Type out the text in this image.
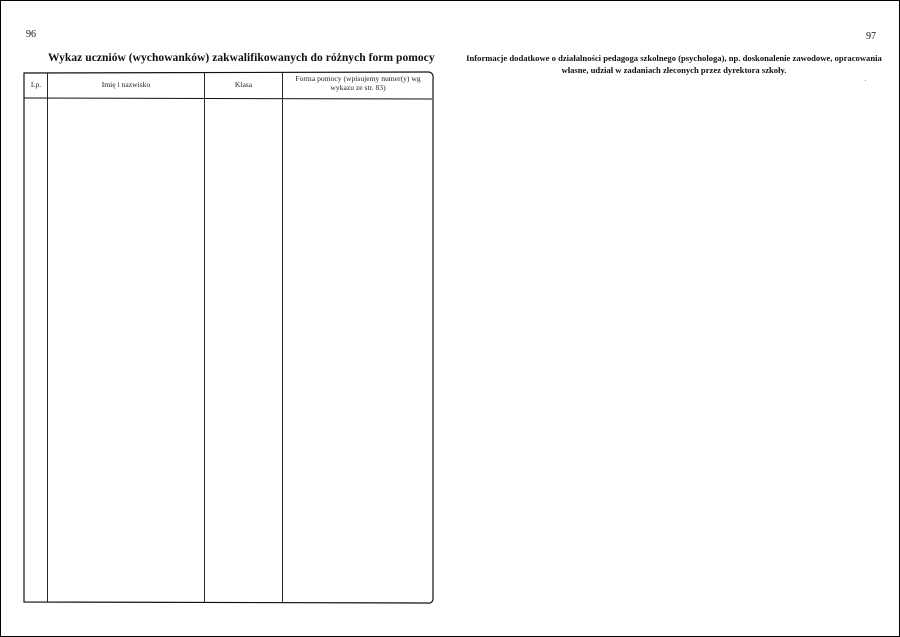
96
Wykaz uczniów (wychowanków) zakwalifikowanych do różnych form pomocy
Lp.	Imię i nazwisko	Klasa
Forma pomocy (wpisujemy numer(y) wg wykazu ze str. 83)
97
Informacje dodatkowe o działalności pedagoga szkolnego (psychologa), np. doskonalenie zawodowe, opracowania własne, udział w zadaniach zleconych przez dyrektora szkoły.
